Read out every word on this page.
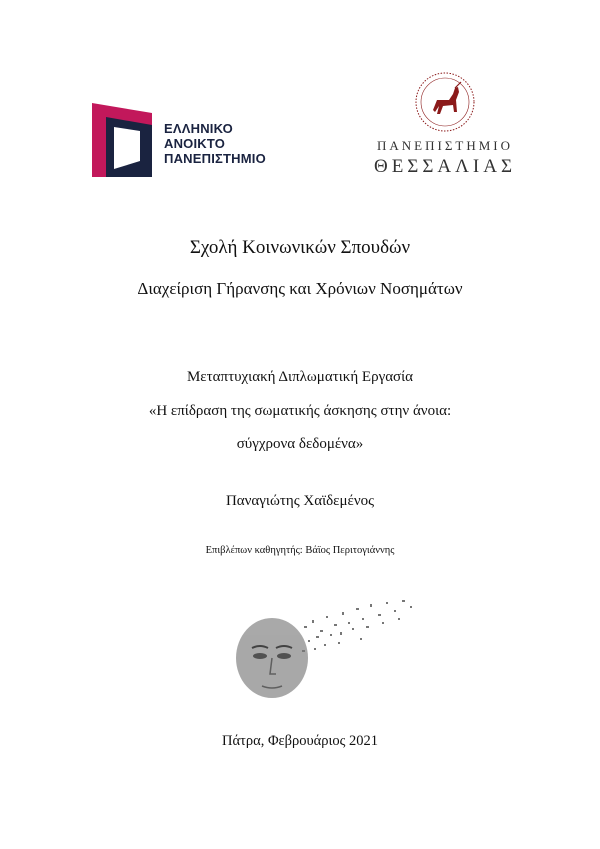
ΕΛΛΗΝΙΚΟ
ΑΝΟΙΚΤΟ
ΠΑΝΕΠΙΣΤΗΜΙΟ
ΠΑΝΕΠΙΣΤΗΜΙΟ
ΘΕΣΣΑΛΙΑΣ
Σχολή Κοινωνικών Σπουδών
Διαχείριση Γήρανσης και Χρόνιων Νοσημάτων
Μεταπτυχιακή Διπλωματική Εργασία
«Η επίδραση της σωματικής άσκησης στην άνοια:
σύγχρονα δεδομένα»
Παναγιώτης Χαϊδεμένος
Επιβλέπων καθηγητής: Βάϊος Περιτογιάννης
Πάτρα, Φεβρουάριος 2021
